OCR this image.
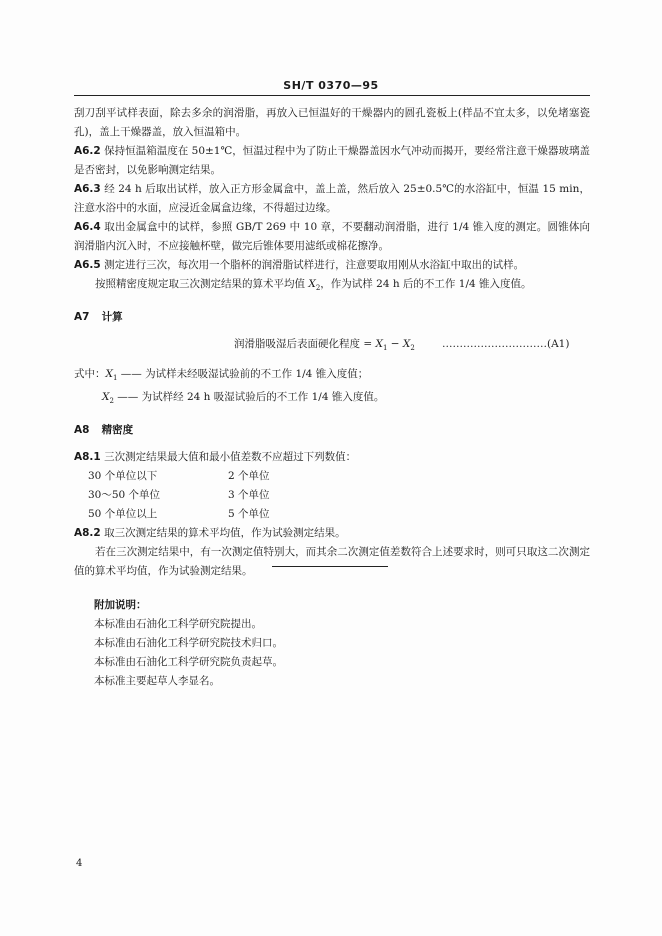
SH/T 0370—95

刮刀刮平试样表面，除去多余的润滑脂，再放入已恒温好的干燥器内的圆孔瓷板上(样品不宜太多，以免堵塞瓷孔)，盖上干燥器盖，放入恒温箱中。

A6.2 保持恒温箱温度在 50±1℃，恒温过程中为了防止干燥器盖因水气冲动而揭开，要经常注意干燥器玻璃盖是否密封，以免影响测定结果。

A6.3 经 24 h 后取出试样，放入正方形金属盒中，盖上盖，然后放入 25±0.5℃的水浴缸中，恒温 15 min，注意水浴中的水面，应浸近金属盒边缘，不得超过边缘。

A6.4 取出金属盒中的试样，参照 GB/T 269 中 10 章，不要翻动润滑脂，进行 1/4 锥入度的测定。圆锥体向润滑脂内沉入时，不应接触杯壁，做完后锥体要用滤纸或棉花擦净。

A6.5 测定进行三次，每次用一个脂杯的润滑脂试样进行，注意要取用刚从水浴缸中取出的试样。

按照精密度规定取三次测定结果的算术平均值 $X_2$，作为试样 24 h 后的不工作 1/4 锥入度值。

A7 计算
润滑脂吸湿后表面硬化程度 = $X_1 - X_2$	…………………………(A1)

式中：$X_1$ —— 为试样未经吸湿试验前的不工作 1/4 锥入度值；

$X_2$ —— 为试样经 24 h 吸湿试验后的不工作 1/4 锥入度值。

A8 精密度

A8.1 三次测定结果最大值和最小值差数不应超过下列数值：

30 个单位以下	2 个单位
30～50 个单位	3 个单位
50 个单位以上	5 个单位

A8.2 取三次测定结果的算术平均值，作为试验测定结果。

若在三次测定结果中，有一次测定值特别大，而其余二次测定值差数符合上述要求时，则可只取这二次测定值的算术平均值，作为试验测定结果。

附加说明：
本标准由石油化工科学研究院提出。
本标准由石油化工科学研究院技术归口。
本标准由石油化工科学研究院负责起草。
本标准主要起草人李显名。
4
